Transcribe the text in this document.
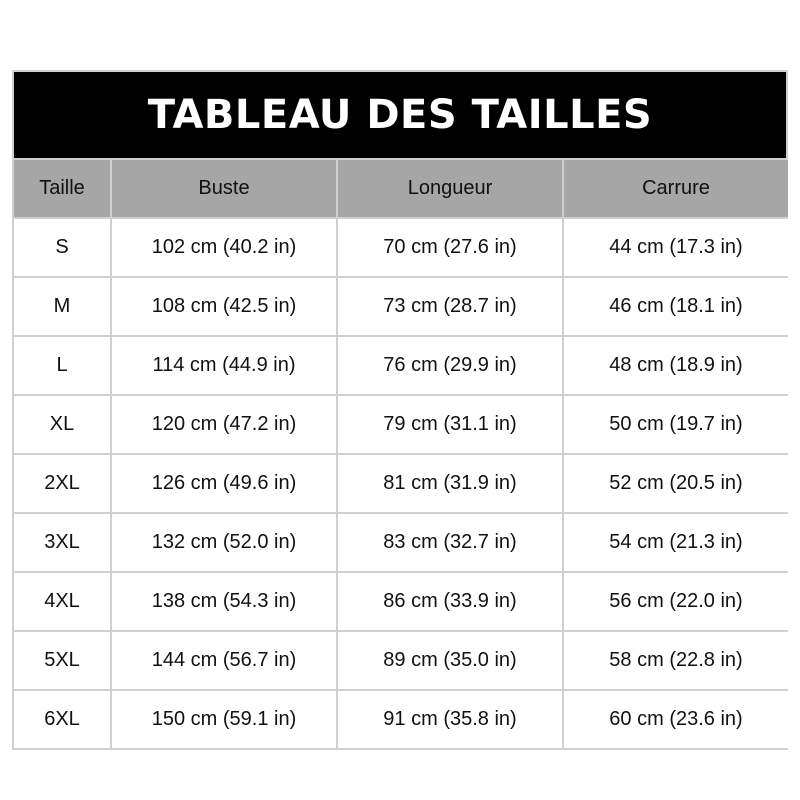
TABLEAU DES TAILLES
Taille	Buste	Longueur	Carrure
S	102 cm (40.2 in)	70 cm (27.6 in)	44 cm (17.3 in)
M	108 cm (42.5 in)	73 cm (28.7 in)	46 cm (18.1 in)
L	114 cm (44.9 in)	76 cm (29.9 in)	48 cm (18.9 in)
XL	120 cm (47.2 in)	79 cm (31.1 in)	50 cm (19.7 in)
2XL	126 cm (49.6 in)	81 cm (31.9 in)	52 cm (20.5 in)
3XL	132 cm (52.0 in)	83 cm (32.7 in)	54 cm (21.3 in)
4XL	138 cm (54.3 in)	86 cm (33.9 in)	56 cm (22.0 in)
5XL	144 cm (56.7 in)	89 cm (35.0 in)	58 cm (22.8 in)
6XL	150 cm (59.1 in)	91 cm (35.8 in)	60 cm (23.6 in)
